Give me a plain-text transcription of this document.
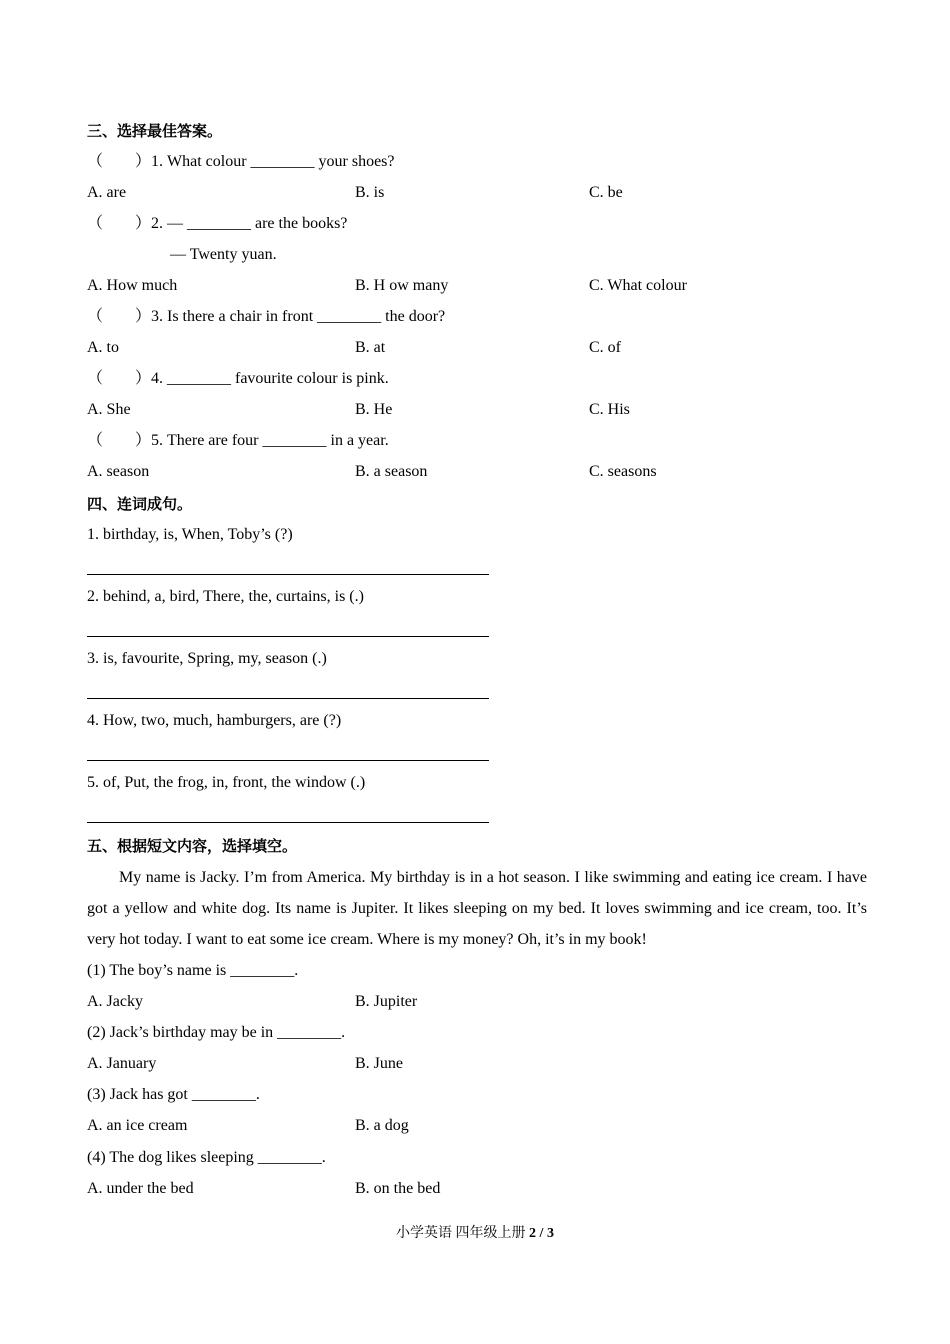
三、选择最佳答案。
（　　）1. What colour ________ your shoes?
A. are	B. is	C. be
（　　）2. — ________ are the books?
— Twenty yuan.
A. How much	B. H ow many	C. What colour
（　　）3. Is there a chair in front ________ the door?
A. to	B. at	C. of
（　　）4. ________ favourite colour is pink.
A. She	B. He	C. His
（　　）5. There are four ________ in a year.
A. season	B. a season	C. seasons
四、连词成句。
1. birthday, is, When, Toby’s (?)
2. behind, a, bird, There, the, curtains, is (.)
3. is, favourite, Spring, my, season (.)
4. How, two, much, hamburgers, are (?)
5. of, Put, the frog, in, front, the window (.)
五、根据短文内容，选择填空。
My name is Jacky. I’m from America. My birthday is in a hot season. I like swimming and eating ice cream. I have got a yellow and white dog. Its name is Jupiter. It likes sleeping on my bed. It loves swimming and ice cream, too. It’s very hot today. I want to eat some ice cream. Where is my money? Oh, it’s in my book!
(1) The boy’s name is ________.
A. Jacky	B. Jupiter
(2) Jack’s birthday may be in ________.
A. January	B. June
(3) Jack has got ________.
A. an ice cream	B. a dog
(4) The dog likes sleeping ________.
A. under the bed	B. on the bed
小学英语 四年级上册 2 / 3
